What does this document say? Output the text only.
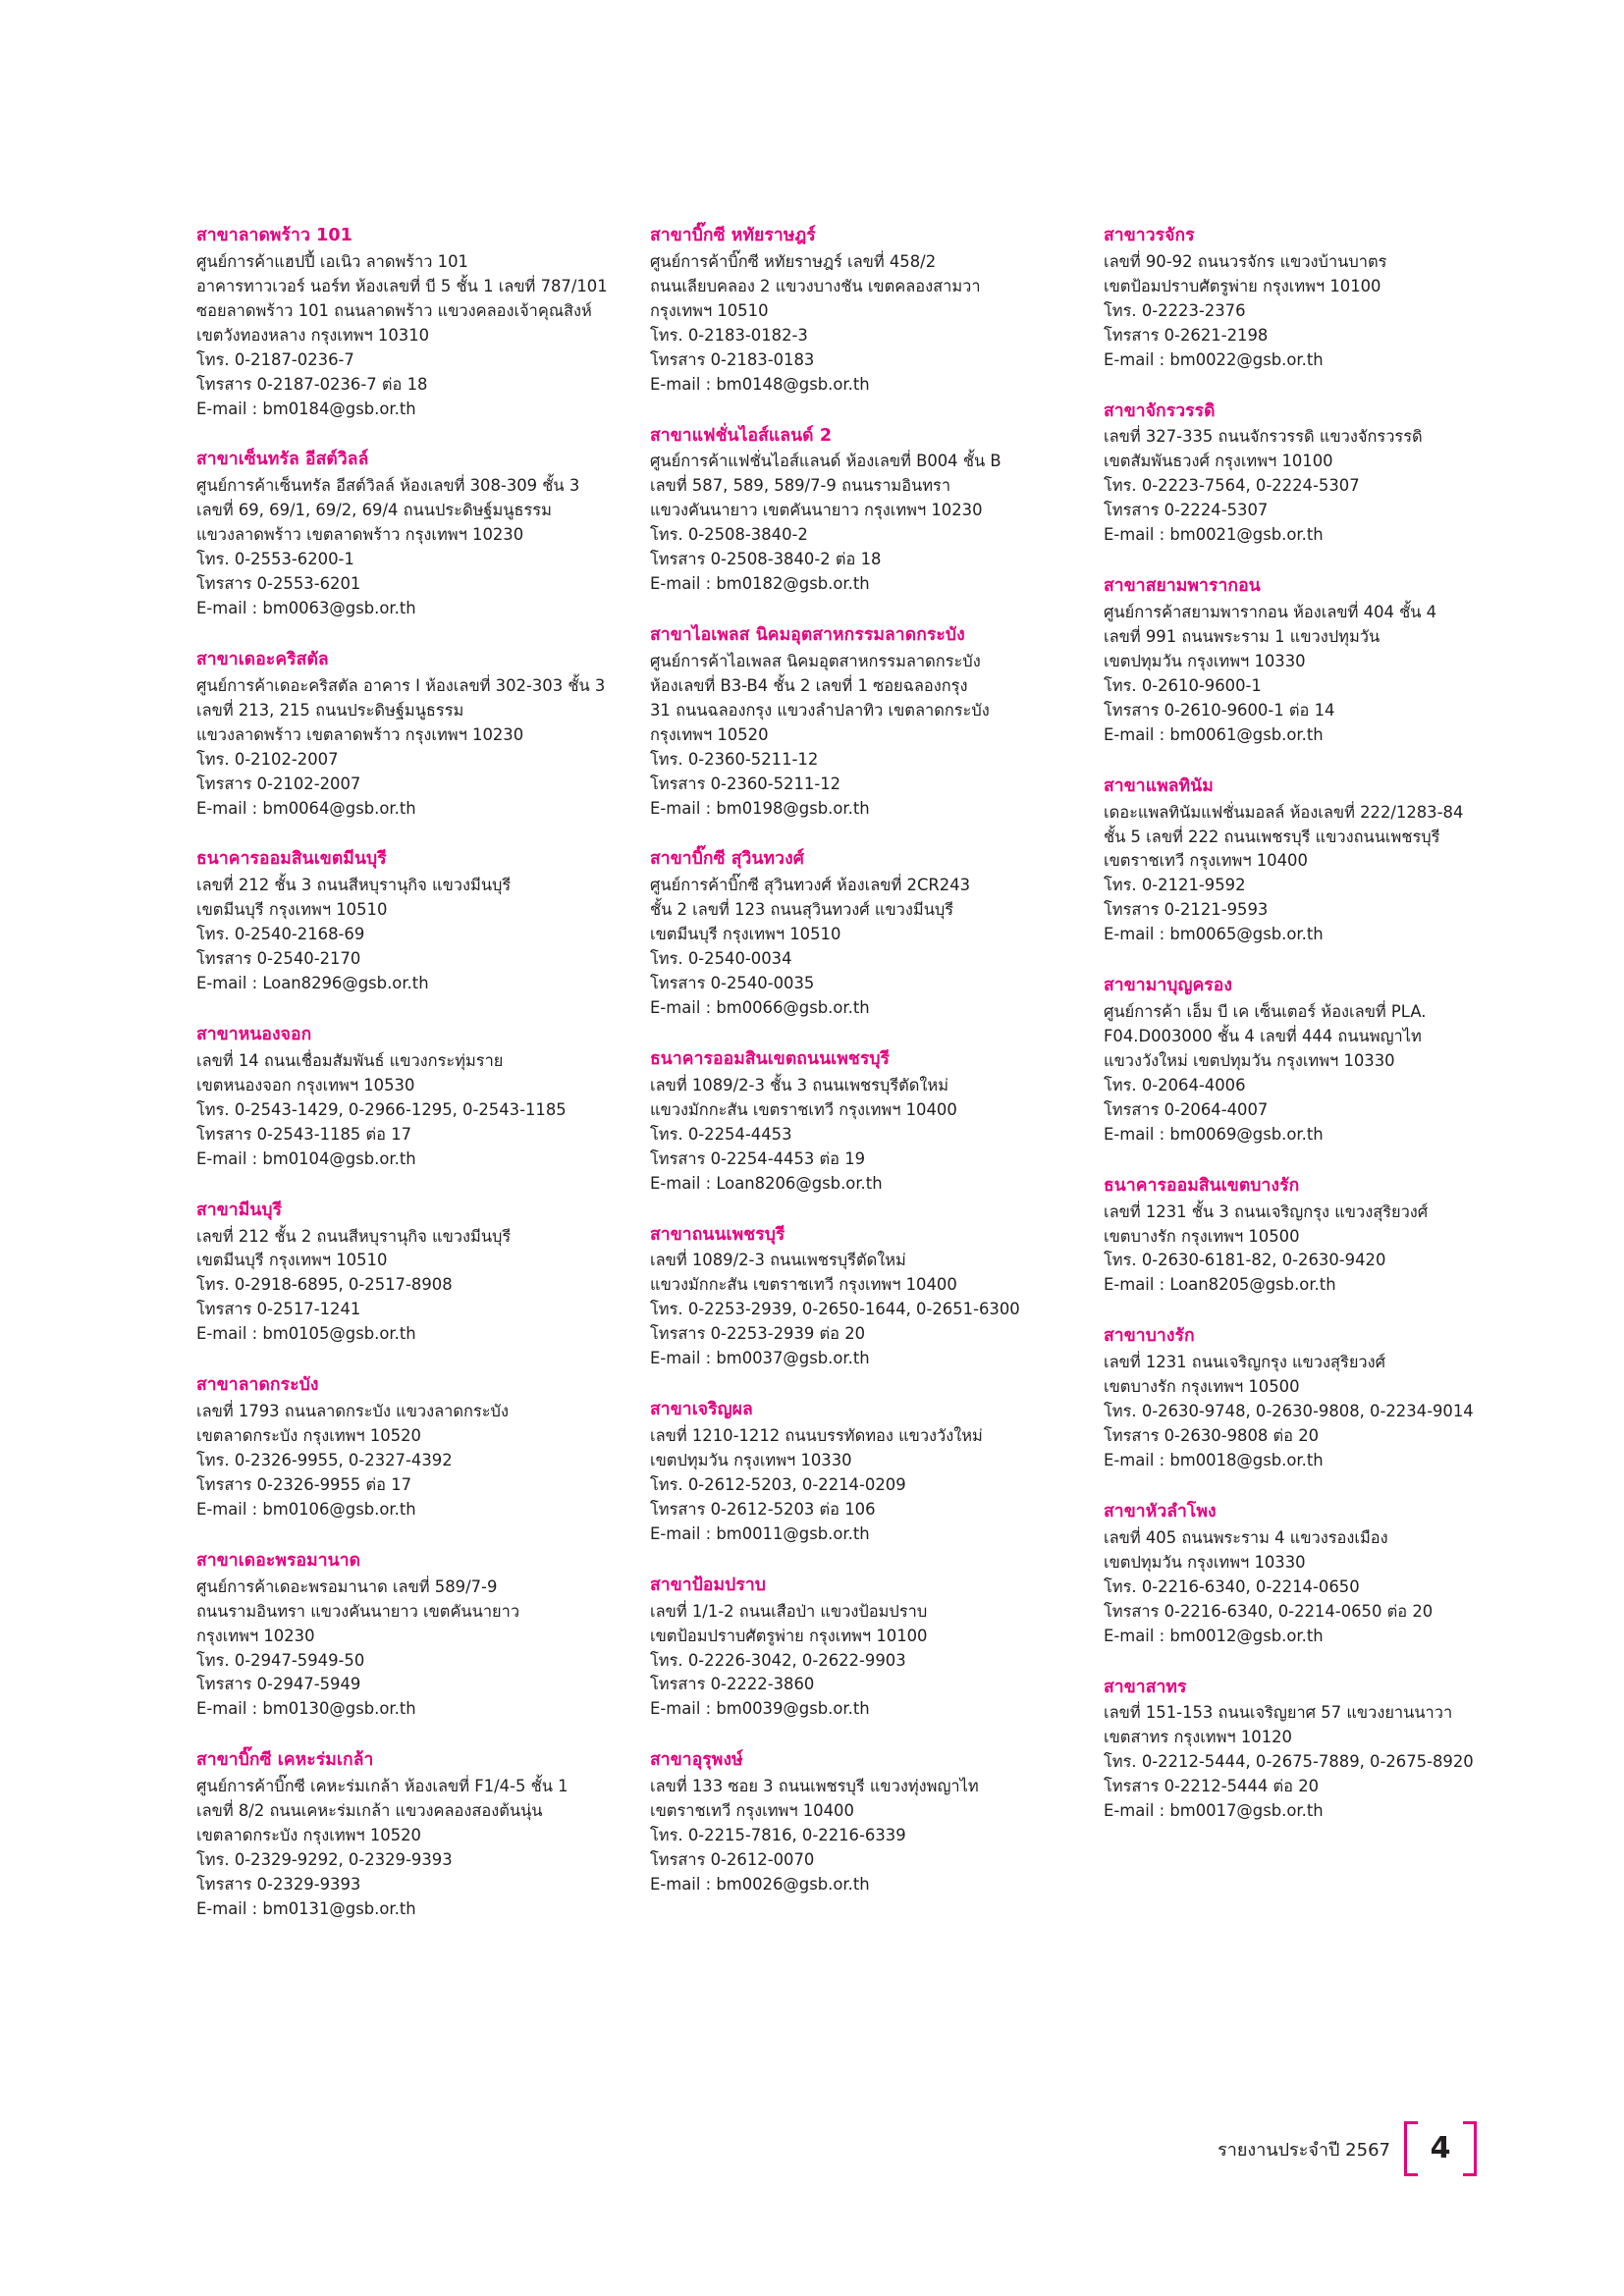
สาขาลาดพร้าว 101
ศูนย์การค้าแฮปปี้ เอเนิว ลาดพร้าว 101
อาคารทาวเวอร์ นอร์ท ห้องเลขที่ บี 5 ชั้น 1 เลขที่ 787/101
ซอยลาดพร้าว 101 ถนนลาดพร้าว แขวงคลองเจ้าคุณสิงห์
เขตวังทองหลาง กรุงเทพฯ 10310
โทร. 0-2187-0236-7
โทรสาร 0-2187-0236-7 ต่อ 18
E-mail : bm0184@gsb.or.th
สาขาเซ็นทรัล อีสต์วิลล์
ศูนย์การค้าเซ็นทรัล อีสต์วิลล์ ห้องเลขที่ 308-309 ชั้น 3
เลขที่ 69, 69/1, 69/2, 69/4 ถนนประดิษฐ์มนูธรรม
แขวงลาดพร้าว เขตลาดพร้าว กรุงเทพฯ 10230
โทร. 0-2553-6200-1
โทรสาร 0-2553-6201
E-mail : bm0063@gsb.or.th
สาขาเดอะคริสตัล
ศูนย์การค้าเดอะคริสตัล อาคาร I ห้องเลขที่ 302-303 ชั้น 3
เลขที่ 213, 215 ถนนประดิษฐ์มนูธรรม
แขวงลาดพร้าว เขตลาดพร้าว กรุงเทพฯ 10230
โทร. 0-2102-2007
โทรสาร 0-2102-2007
E-mail : bm0064@gsb.or.th
ธนาคารออมสินเขตมีนบุรี
เลขที่ 212 ชั้น 3 ถนนสีหบุรานุกิจ แขวงมีนบุรี
เขตมีนบุรี กรุงเทพฯ 10510
โทร. 0-2540-2168-69
โทรสาร 0-2540-2170
E-mail : Loan8296@gsb.or.th
สาขาหนองจอก
เลขที่ 14 ถนนเชื่อมสัมพันธ์ แขวงกระทุ่มราย
เขตหนองจอก กรุงเทพฯ 10530
โทร. 0-2543-1429, 0-2966-1295, 0-2543-1185
โทรสาร 0-2543-1185 ต่อ 17
E-mail : bm0104@gsb.or.th
สาขามีนบุรี
เลขที่ 212 ชั้น 2 ถนนสีหบุรานุกิจ แขวงมีนบุรี
เขตมีนบุรี กรุงเทพฯ 10510
โทร. 0-2918-6895, 0-2517-8908
โทรสาร 0-2517-1241
E-mail : bm0105@gsb.or.th
สาขาลาดกระบัง
เลขที่ 1793 ถนนลาดกระบัง แขวงลาดกระบัง
เขตลาดกระบัง กรุงเทพฯ 10520
โทร. 0-2326-9955, 0-2327-4392
โทรสาร 0-2326-9955 ต่อ 17
E-mail : bm0106@gsb.or.th
สาขาเดอะพรอมานาด
ศูนย์การค้าเดอะพรอมานาด เลขที่ 589/7-9
ถนนรามอินทรา แขวงคันนายาว เขตคันนายาว
กรุงเทพฯ 10230
โทร. 0-2947-5949-50
โทรสาร 0-2947-5949
E-mail : bm0130@gsb.or.th
สาขาบิ๊กซี เคหะร่มเกล้า
ศูนย์การค้าบิ๊กซี เคหะร่มเกล้า ห้องเลขที่ F1/4-5 ชั้น 1
เลขที่ 8/2 ถนนเคหะร่มเกล้า แขวงคลองสองต้นนุ่น
เขตลาดกระบัง กรุงเทพฯ 10520
โทร. 0-2329-9292, 0-2329-9393
โทรสาร 0-2329-9393
E-mail : bm0131@gsb.or.th
สาขาบิ๊กซี หทัยราษฎร์
ศูนย์การค้าบิ๊กซี หทัยราษฎร์ เลขที่ 458/2
ถนนเลียบคลอง 2 แขวงบางชัน เขตคลองสามวา
กรุงเทพฯ 10510
โทร. 0-2183-0182-3
โทรสาร 0-2183-0183
E-mail : bm0148@gsb.or.th
สาขาแฟชั่นไอส์แลนด์ 2
ศูนย์การค้าแฟชั่นไอส์แลนด์ ห้องเลขที่ B004 ชั้น B
เลขที่ 587, 589, 589/7-9 ถนนรามอินทรา
แขวงคันนายาว เขตคันนายาว กรุงเทพฯ 10230
โทร. 0-2508-3840-2
โทรสาร 0-2508-3840-2 ต่อ 18
E-mail : bm0182@gsb.or.th
สาขาไอเพลส นิคมอุตสาหกรรมลาดกระบัง
ศูนย์การค้าไอเพลส นิคมอุตสาหกรรมลาดกระบัง
ห้องเลขที่ B3-B4 ชั้น 2 เลขที่ 1 ซอยฉลองกรุง
31 ถนนฉลองกรุง แขวงลำปลาทิว เขตลาดกระบัง
กรุงเทพฯ 10520
โทร. 0-2360-5211-12
โทรสาร 0-2360-5211-12
E-mail : bm0198@gsb.or.th
สาขาบิ๊กซี สุวินทวงศ์
ศูนย์การค้าบิ๊กซี สุวินทวงศ์ ห้องเลขที่ 2CR243
ชั้น 2 เลขที่ 123 ถนนสุวินทวงศ์ แขวงมีนบุรี
เขตมีนบุรี กรุงเทพฯ 10510
โทร. 0-2540-0034
โทรสาร 0-2540-0035
E-mail : bm0066@gsb.or.th
ธนาคารออมสินเขตถนนเพชรบุรี
เลขที่ 1089/2-3 ชั้น 3 ถนนเพชรบุรีตัดใหม่
แขวงมักกะสัน เขตราชเทวี กรุงเทพฯ 10400
โทร. 0-2254-4453
โทรสาร 0-2254-4453 ต่อ 19
E-mail : Loan8206@gsb.or.th
สาขาถนนเพชรบุรี
เลขที่ 1089/2-3 ถนนเพชรบุรีตัดใหม่
แขวงมักกะสัน เขตราชเทวี กรุงเทพฯ 10400
โทร. 0-2253-2939, 0-2650-1644, 0-2651-6300
โทรสาร 0-2253-2939 ต่อ 20
E-mail : bm0037@gsb.or.th
สาขาเจริญผล
เลขที่ 1210-1212 ถนนบรรทัดทอง แขวงวังใหม่
เขตปทุมวัน กรุงเทพฯ 10330
โทร. 0-2612-5203, 0-2214-0209
โทรสาร 0-2612-5203 ต่อ 106
E-mail : bm0011@gsb.or.th
สาขาป้อมปราบ
เลขที่ 1/1-2 ถนนเสือป่า แขวงป้อมปราบ
เขตป้อมปราบศัตรูพ่าย กรุงเทพฯ 10100
โทร. 0-2226-3042, 0-2622-9903
โทรสาร 0-2222-3860
E-mail : bm0039@gsb.or.th
สาขาอุรุพงษ์
เลขที่ 133 ซอย 3 ถนนเพชรบุรี แขวงทุ่งพญาไท
เขตราชเทวี กรุงเทพฯ 10400
โทร. 0-2215-7816, 0-2216-6339
โทรสาร 0-2612-0070
E-mail : bm0026@gsb.or.th
สาขาวรจักร
เลขที่ 90-92 ถนนวรจักร แขวงบ้านบาตร
เขตป้อมปราบศัตรูพ่าย กรุงเทพฯ 10100
โทร. 0-2223-2376
โทรสาร 0-2621-2198
E-mail : bm0022@gsb.or.th
สาขาจักรวรรดิ
เลขที่ 327-335 ถนนจักรวรรดิ แขวงจักรวรรดิ
เขตสัมพันธวงศ์ กรุงเทพฯ 10100
โทร. 0-2223-7564, 0-2224-5307
โทรสาร 0-2224-5307
E-mail : bm0021@gsb.or.th
สาขาสยามพารากอน
ศูนย์การค้าสยามพารากอน ห้องเลขที่ 404 ชั้น 4
เลขที่ 991 ถนนพระราม 1 แขวงปทุมวัน
เขตปทุมวัน กรุงเทพฯ 10330
โทร. 0-2610-9600-1
โทรสาร 0-2610-9600-1 ต่อ 14
E-mail : bm0061@gsb.or.th
สาขาแพลทินัม
เดอะแพลทินัมแฟชั่นมอลล์ ห้องเลขที่ 222/1283-84
ชั้น 5 เลขที่ 222 ถนนเพชรบุรี แขวงถนนเพชรบุรี
เขตราชเทวี กรุงเทพฯ 10400
โทร. 0-2121-9592
โทรสาร 0-2121-9593
E-mail : bm0065@gsb.or.th
สาขามาบุญครอง
ศูนย์การค้า เอ็ม บี เค เซ็นเตอร์ ห้องเลขที่ PLA.
F04.D003000 ชั้น 4 เลขที่ 444 ถนนพญาไท
แขวงวังใหม่ เขตปทุมวัน กรุงเทพฯ 10330
โทร. 0-2064-4006
โทรสาร 0-2064-4007
E-mail : bm0069@gsb.or.th
ธนาคารออมสินเขตบางรัก
เลขที่ 1231 ชั้น 3 ถนนเจริญกรุง แขวงสุริยวงศ์
เขตบางรัก กรุงเทพฯ 10500
โทร. 0-2630-6181-82, 0-2630-9420
E-mail : Loan8205@gsb.or.th
สาขาบางรัก
เลขที่ 1231 ถนนเจริญกรุง แขวงสุริยวงศ์
เขตบางรัก กรุงเทพฯ 10500
โทร. 0-2630-9748, 0-2630-9808, 0-2234-9014
โทรสาร 0-2630-9808 ต่อ 20
E-mail : bm0018@gsb.or.th
สาขาหัวลำโพง
เลขที่ 405 ถนนพระราม 4 แขวงรองเมือง
เขตปทุมวัน กรุงเทพฯ 10330
โทร. 0-2216-6340, 0-2214-0650
โทรสาร 0-2216-6340, 0-2214-0650 ต่อ 20
E-mail : bm0012@gsb.or.th
สาขาสาทร
เลขที่ 151-153 ถนนเจริญยาศ 57 แขวงยานนาวา
เขตสาทร กรุงเทพฯ 10120
โทร. 0-2212-5444, 0-2675-7889, 0-2675-8920
โทรสาร 0-2212-5444 ต่อ 20
E-mail : bm0017@gsb.or.th
รายงานประจำปี 2567 4
